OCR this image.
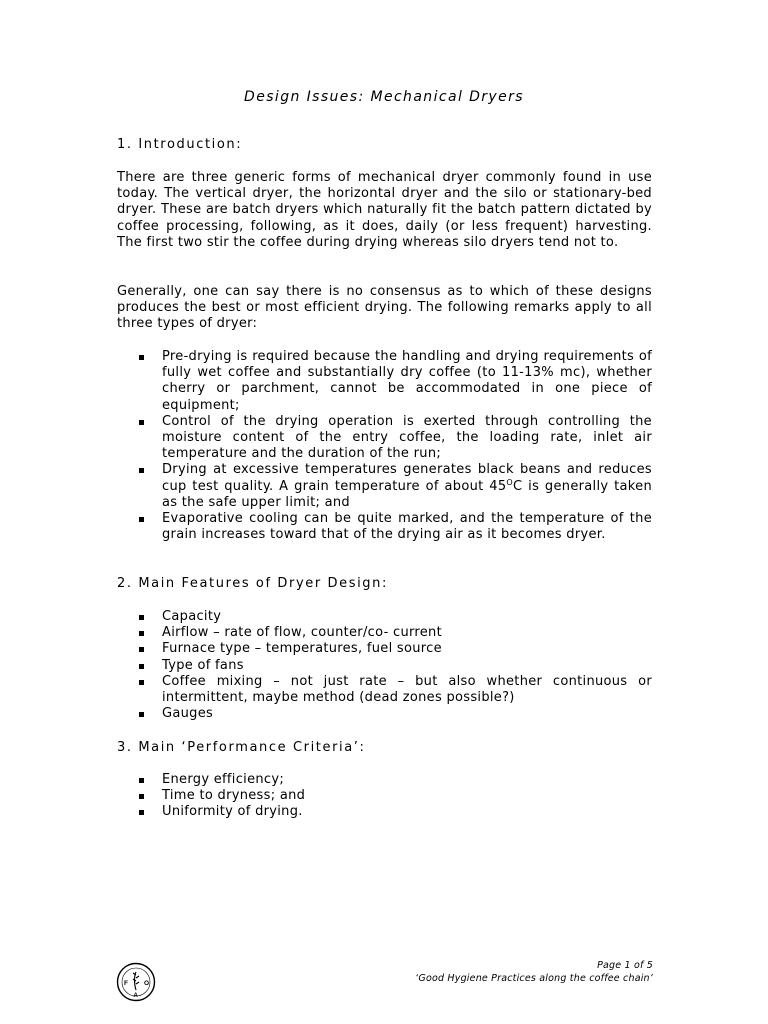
Design Issues: Mechanical Dryers
1. Introduction:
There are three generic forms of mechanical dryer commonly found in use today. The vertical dryer, the horizontal dryer and the silo or stationary-bed dryer. These are batch dryers which naturally fit the batch pattern dictated by coffee processing, following, as it does, daily (or less frequent) harvesting. The first two stir the coffee during drying whereas silo dryers tend not to.
Generally, one can say there is no consensus as to which of these designs produces the best or most efficient drying. The following remarks apply to all three types of dryer:
Pre-drying is required because the handling and drying requirements of fully wet coffee and substantially dry coffee (to 11-13% mc), whether cherry or parchment, cannot be accommodated in one piece of equipment;
Control of the drying operation is exerted through controlling the moisture content of the entry coffee, the loading rate, inlet air temperature and the duration of the run;
Drying at excessive temperatures generates black beans and reduces cup test quality. A grain temperature of about $45^OC$ is generally taken as the safe upper limit; and
Evaporative cooling can be quite marked, and the temperature of the grain increases toward that of the drying air as it becomes dryer.
2. Main Features of Dryer Design:
Capacity
Airflow – rate of flow, counter/co- current
Furnace type – temperatures, fuel source
Type of fans
Coffee mixing – not just rate – but also whether continuous or intermittent, maybe method (dead zones possible?)
Gauges
3. Main ‘Performance Criteria’:
Energy efficiency;
Time to dryness; and
Uniformity of drying.
F O
A
Page 1 of 5
‘Good Hygiene Practices along the coffee chain’
